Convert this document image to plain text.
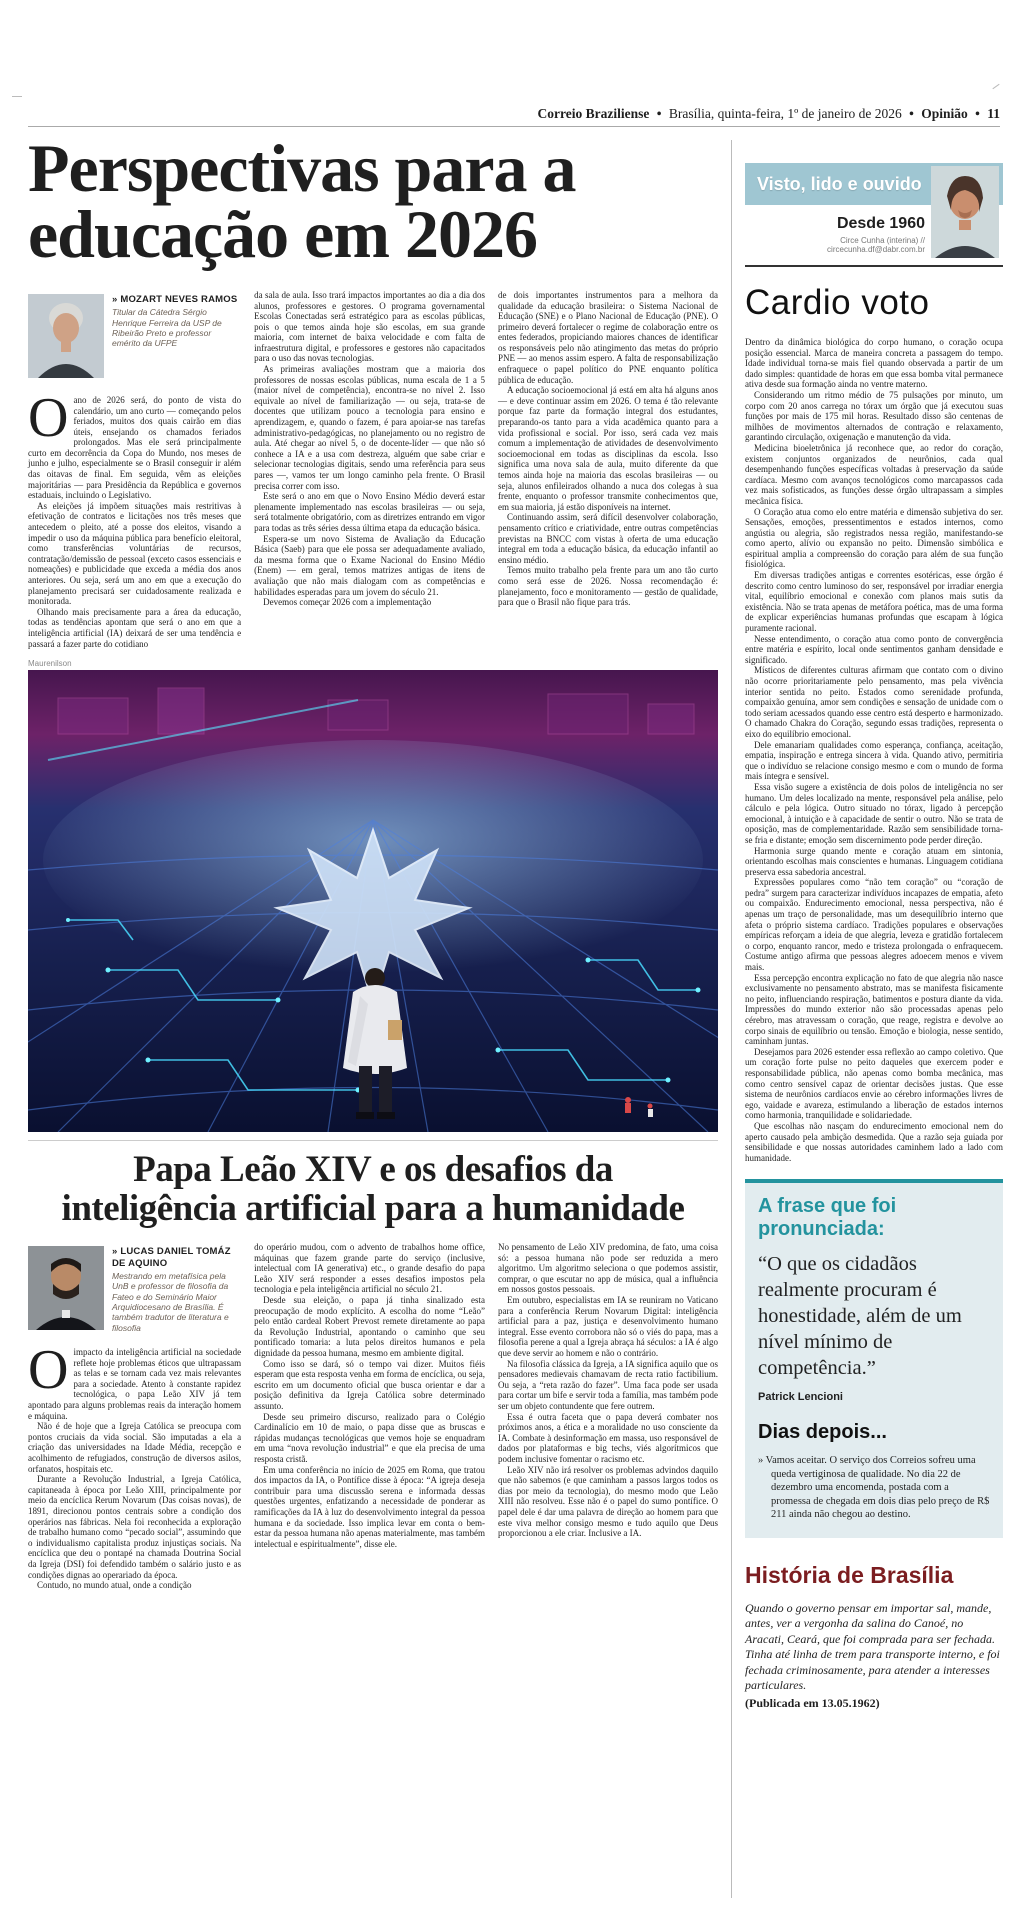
Correio Braziliense • Brasília, quinta-feira, 1º de janeiro de 2026 • Opinião • 11
Perspectivas para a
educação em 2026
» MOZART NEVES RAMOS
Titular da Cátedra Sérgio Henrique Ferreira da USP de Ribeirão Preto e professor emérito da UFPE

Oano de 2026 será, do ponto de vista do calendário, um ano curto — começando pelos feriados, muitos dos quais cairão em dias úteis, ensejando os chamados feriados prolongados. Mas ele será principalmente curto em decorrência da Copa do Mundo, nos meses de junho e julho, especialmente se o Brasil conseguir ir além das oitavas de final. Em seguida, vêm as eleições majoritárias — para Presidência da República e governos estaduais, incluindo o Legislativo.

As eleições já impõem situações mais restritivas à efetivação de contratos e licitações nos três meses que antecedem o pleito, até a posse dos eleitos, visando a impedir o uso da máquina pública para benefício eleitoral, como transferências voluntárias de recursos, contratação/demissão de pessoal (exceto casos essenciais e nomeações) e publicidade que exceda a média dos anos anteriores. Ou seja, será um ano em que a execução do planejamento precisará ser cuidadosamente realizada e monitorada.

Olhando mais precisamente para a área da educação, todas as tendências apontam que será o ano em que a inteligência artificial (IA) deixará de ser uma tendência e passará a fazer parte do cotidiano

da sala de aula. Isso trará impactos importantes ao dia a dia dos alunos, professores e gestores. O programa governamental Escolas Conectadas será estratégico para as escolas públicas, pois o que temos ainda hoje são escolas, em sua grande maioria, com internet de baixa velocidade e com falta de infraestrutura digital, e professores e gestores não capacitados para o uso das novas tecnologias.

As primeiras avaliações mostram que a maioria dos professores de nossas escolas públicas, numa escala de 1 a 5 (maior nível de competência), encontra-se no nível 2. Isso equivale ao nível de familiarização — ou seja, trata-se de docentes que utilizam pouco a tecnologia para ensino e aprendizagem, e, quando o fazem, é para apoiar-se nas tarefas administrativo-pedagógicas, no planejamento ou no registro de aula. Até chegar ao nível 5, o de docente-líder — que não só conhece a IA e a usa com destreza, alguém que sabe criar e selecionar tecnologias digitais, sendo uma referência para seus pares —, vamos ter um longo caminho pela frente. O Brasil precisa correr com isso.

Este será o ano em que o Novo Ensino Médio deverá estar plenamente implementado nas escolas brasileiras — ou seja, será totalmente obrigatório, com as diretrizes entrando em vigor para todas as três séries dessa última etapa da educação básica.

Espera-se um novo Sistema de Avaliação da Educação Básica (Saeb) para que ele possa ser adequadamente avaliado, da mesma forma que o Exame Nacional do Ensino Médio (Enem) — em geral, temos matrizes antigas de itens de avaliação que não mais dialogam com as competências e habilidades esperadas para um jovem do século 21.

Devemos começar 2026 com a implementação

de dois importantes instrumentos para a melhora da qualidade da educação brasileira: o Sistema Nacional de Educação (SNE) e o Plano Nacional de Educação (PNE). O primeiro deverá fortalecer o regime de colaboração entre os entes federados, propiciando maiores chances de identificar os responsáveis pelo não atingimento das metas do próprio PNE — ao menos assim espero. A falta de responsabilização enfraquece o papel político do PNE enquanto política pública de educação.

A educação socioemocional já está em alta há alguns anos — e deve continuar assim em 2026. O tema é tão relevante porque faz parte da formação integral dos estudantes, preparando-os tanto para a vida acadêmica quanto para a vida profissional e social. Por isso, será cada vez mais comum a implementação de atividades de desenvolvimento socioemocional em todas as disciplinas da escola. Isso significa uma nova sala de aula, muito diferente da que temos ainda hoje na maioria das escolas brasileiras — ou seja, alunos enfileirados olhando a nuca dos colegas à sua frente, enquanto o professor transmite conhecimentos que, em sua maioria, já estão disponíveis na internet.

Continuando assim, será difícil desenvolver colaboração, pensamento crítico e criatividade, entre outras competências previstas na BNCC com vistas à oferta de uma educação integral em toda a educação básica, da educação infantil ao ensino médio.

Temos muito trabalho pela frente para um ano tão curto como será esse de 2026. Nossa recomendação é: planejamento, foco e monitoramento — gestão de qualidade, para que o Brasil não fique para trás.

Maurenilson
Papa Leão XIV e os desafios da
inteligência artificial para a humanidade
» LUCAS DANIEL TOMÁZ DE AQUINO
Mestrando em metafísica pela UnB e professor de filosofia da Fateo e do Seminário Maior Arquidiocesano de Brasília. É também tradutor de literatura e filosofia

Oimpacto da inteligência artificial na sociedade reflete hoje problemas éticos que ultrapassam as telas e se tornam cada vez mais relevantes para a sociedade. Atento à constante rapidez tecnológica, o papa Leão XIV já tem apontado para alguns problemas reais da interação homem e máquina.

Não é de hoje que a Igreja Católica se preocupa com pontos cruciais da vida social. São imputadas a ela a criação das universidades na Idade Média, recepção e acolhimento de refugiados, construção de diversos asilos, orfanatos, hospitais etc.

Durante a Revolução Industrial, a Igreja Católica, capitaneada à época por Leão XIII, principalmente por meio da encíclica Rerum Novarum (Das coisas novas), de 1891, direcionou pontos centrais sobre a condição dos operários nas fábricas. Nela foi reconhecida a exploração de trabalho humano como “pecado social”, assumindo que o individualismo capitalista produz injustiças sociais. Na encíclica que deu o pontapé na chamada Doutrina Social da Igreja (DSI) foi defendido também o salário justo e as condições dignas ao operariado da época.

Contudo, no mundo atual, onde a condição

do operário mudou, com o advento de trabalhos home office, máquinas que fazem grande parte do serviço (inclusive, intelectual com IA generativa) etc., o grande desafio do papa Leão XIV será responder a esses desafios impostos pela tecnologia e pela inteligência artificial no século 21.

Desde sua eleição, o papa já tinha sinalizado esta preocupação de modo explícito. A escolha do nome “Leão” pelo então cardeal Robert Prevost remete diretamente ao papa da Revolução Industrial, apontando o caminho que seu pontificado tomaria: a luta pelos direitos humanos e pela dignidade da pessoa humana, mesmo em ambiente digital.

Como isso se dará, só o tempo vai dizer. Muitos fiéis esperam que esta resposta venha em forma de encíclica, ou seja, escrito em um documento oficial que busca orientar e dar a posição definitiva da Igreja Católica sobre determinado assunto.

Desde seu primeiro discurso, realizado para o Colégio Cardinalício em 10 de maio, o papa disse que as bruscas e rápidas mudanças tecnológicas que vemos hoje se enquadram em uma “nova revolução industrial” e que ela precisa de uma resposta cristã.

Em uma conferência no início de 2025 em Roma, que tratou dos impactos da IA, o Pontífice disse à época: “A igreja deseja contribuir para uma discussão serena e informada dessas questões urgentes, enfatizando a necessidade de ponderar as ramificações da IA à luz do desenvolvimento integral da pessoa humana e da sociedade. Isso implica levar em conta o bem-estar da pessoa humana não apenas materialmente, mas também intelectual e espiritualmente”, disse ele.

No pensamento de Leão XIV predomina, de fato, uma coisa só: a pessoa humana não pode ser reduzida a mero algoritmo. Um algoritmo seleciona o que podemos assistir, comprar, o que escutar no app de música, qual a influência em nossos gostos pessoais.

Em outubro, especialistas em IA se reuniram no Vaticano para a conferência Rerum Novarum Digital: inteligência artificial para a paz, justiça e desenvolvimento humano integral. Esse evento corrobora não só o viés do papa, mas a filosofia perene a qual a Igreja abraça há séculos: a IA é algo que deve servir ao homem e não o contrário.

Na filosofia clássica da Igreja, a IA significa aquilo que os pensadores medievais chamavam de recta ratio factibilium. Ou seja, a “reta razão do fazer”. Uma faca pode ser usada para cortar um bife e servir toda a família, mas também pode ser um objeto contundente que fere outrem.

Essa é outra faceta que o papa deverá combater nos próximos anos, a ética e a moralidade no uso consciente da IA. Combate à desinformação em massa, uso responsável de dados por plataformas e big techs, viés algorítmicos que podem inclusive fomentar o racismo etc.

Leão XIV não irá resolver os problemas advindos daquilo que não sabemos (e que caminham a passos largos todos os dias por meio da tecnologia), do mesmo modo que Leão XIII não resolveu. Esse não é o papel do sumo pontífice. O papel dele é dar uma palavra de direção ao homem para que este viva melhor consigo mesmo e tudo aquilo que Deus proporcionou a ele criar. Inclusive a IA.

Visto, lido e ouvido
Desde 1960
Circe Cunha (interina) // circecunha.df@dabr.com.br
Cardio voto

Dentro da dinâmica biológica do corpo humano, o coração ocupa posição essencial. Marca de maneira concreta a passagem do tempo. Idade individual torna-se mais fiel quando observada a partir de um dado simples: quantidade de horas em que essa bomba vital permanece ativa desde sua formação ainda no ventre materno.

Considerando um ritmo médio de 75 pulsações por minuto, um corpo com 20 anos carrega no tórax um órgão que já executou suas funções por mais de 175 mil horas. Resultado disso são centenas de milhões de movimentos alternados de contração e relaxamento, garantindo circulação, oxigenação e manutenção da vida.

Medicina bioeletrônica já reconhece que, ao redor do coração, existem conjuntos organizados de neurônios, cada qual desempenhando funções específicas voltadas à preservação da saúde cardíaca. Mesmo com avanços tecnológicos como marcapassos cada vez mais sofisticados, as funções desse órgão ultrapassam a simples mecânica física.

O Coração atua como elo entre matéria e dimensão subjetiva do ser. Sensações, emoções, pressentimentos e estados internos, como angústia ou alegria, são registrados nessa região, manifestando-se como aperto, alívio ou expansão no peito. Dimensão simbólica e espiritual amplia a compreensão do coração para além de sua função fisiológica.

Em diversas tradições antigas e correntes esotéricas, esse órgão é descrito como centro luminoso do ser, responsável por irradiar energia vital, equilíbrio emocional e conexão com planos mais sutis da existência. Não se trata apenas de metáfora poética, mas de uma forma de explicar experiências humanas profundas que escapam à lógica puramente racional.

Nesse entendimento, o coração atua como ponto de convergência entre matéria e espírito, local onde sentimentos ganham densidade e significado.

Místicos de diferentes culturas afirmam que contato com o divino não ocorre prioritariamente pelo pensamento, mas pela vivência interior sentida no peito. Estados como serenidade profunda, compaixão genuína, amor sem condições e sensação de unidade com o todo seriam acessados quando esse centro está desperto e harmonizado. O chamado Chakra do Coração, segundo essas tradições, representa o eixo do equilíbrio emocional.

Dele emanariam qualidades como esperança, confiança, aceitação, empatia, inspiração e entrega sincera à vida. Quando ativo, permitiria que o indivíduo se relacione consigo mesmo e com o mundo de forma mais íntegra e sensível.

Essa visão sugere a existência de dois polos de inteligência no ser humano. Um deles localizado na mente, responsável pela análise, pelo cálculo e pela lógica. Outro situado no tórax, ligado à percepção emocional, à intuição e à capacidade de sentir o outro. Não se trata de oposição, mas de complementaridade. Razão sem sensibilidade torna-se fria e distante; emoção sem discernimento pode perder direção.

Harmonia surge quando mente e coração atuam em sintonia, orientando escolhas mais conscientes e humanas. Linguagem cotidiana preserva essa sabedoria ancestral.

Expressões populares como “não tem coração” ou “coração de pedra” surgem para caracterizar indivíduos incapazes de empatia, afeto ou compaixão. Endurecimento emocional, nessa perspectiva, não é apenas um traço de personalidade, mas um desequilíbrio interno que afeta o próprio sistema cardíaco. Tradições populares e observações empíricas reforçam a ideia de que alegria, leveza e gratidão fortalecem o corpo, enquanto rancor, medo e tristeza prolongada o enfraquecem. Costume antigo afirma que pessoas alegres adoecem menos e vivem mais.

Essa percepção encontra explicação no fato de que alegria não nasce exclusivamente no pensamento abstrato, mas se manifesta fisicamente no peito, influenciando respiração, batimentos e postura diante da vida. Impressões do mundo exterior não são processadas apenas pelo cérebro, mas atravessam o coração, que reage, registra e devolve ao corpo sinais de equilíbrio ou tensão. Emoção e biologia, nesse sentido, caminham juntas.

Desejamos para 2026 estender essa reflexão ao campo coletivo. Que um coração forte pulse no peito daqueles que exercem poder e responsabilidade pública, não apenas como bomba mecânica, mas como centro sensível capaz de orientar decisões justas. Que esse sistema de neurônios cardíacos envie ao cérebro informações livres de ego, vaidade e avareza, estimulando a liberação de estados internos como harmonia, tranquilidade e solidariedade.

Que escolhas não nasçam do endurecimento emocional nem do aperto causado pela ambição desmedida. Que a razão seja guiada por sensibilidade e que nossas autoridades caminhem lado a lado com humanidade.

A frase que foi pronunciada:
“O que os cidadãos realmente procuram é honestidade, além de um nível mínimo de competência.”
Patrick Lencioni
Dias depois...

» Vamos aceitar. O serviço dos Correios sofreu uma queda vertiginosa de qualidade. No dia 22 de dezembro uma encomenda, postada com a promessa de chegada em dois dias pelo preço de R$ 211 ainda não chegou ao destino.

História de Brasília

Quando o governo pensar em importar sal, mande, antes, ver a vergonha da salina do Canoé, no Aracati, Ceará, que foi comprada para ser fechada. Tinha até linha de trem para transporte interno, e foi fechada criminosamente, para atender a interesses particulares.

(Publicada em 13.05.1962)
